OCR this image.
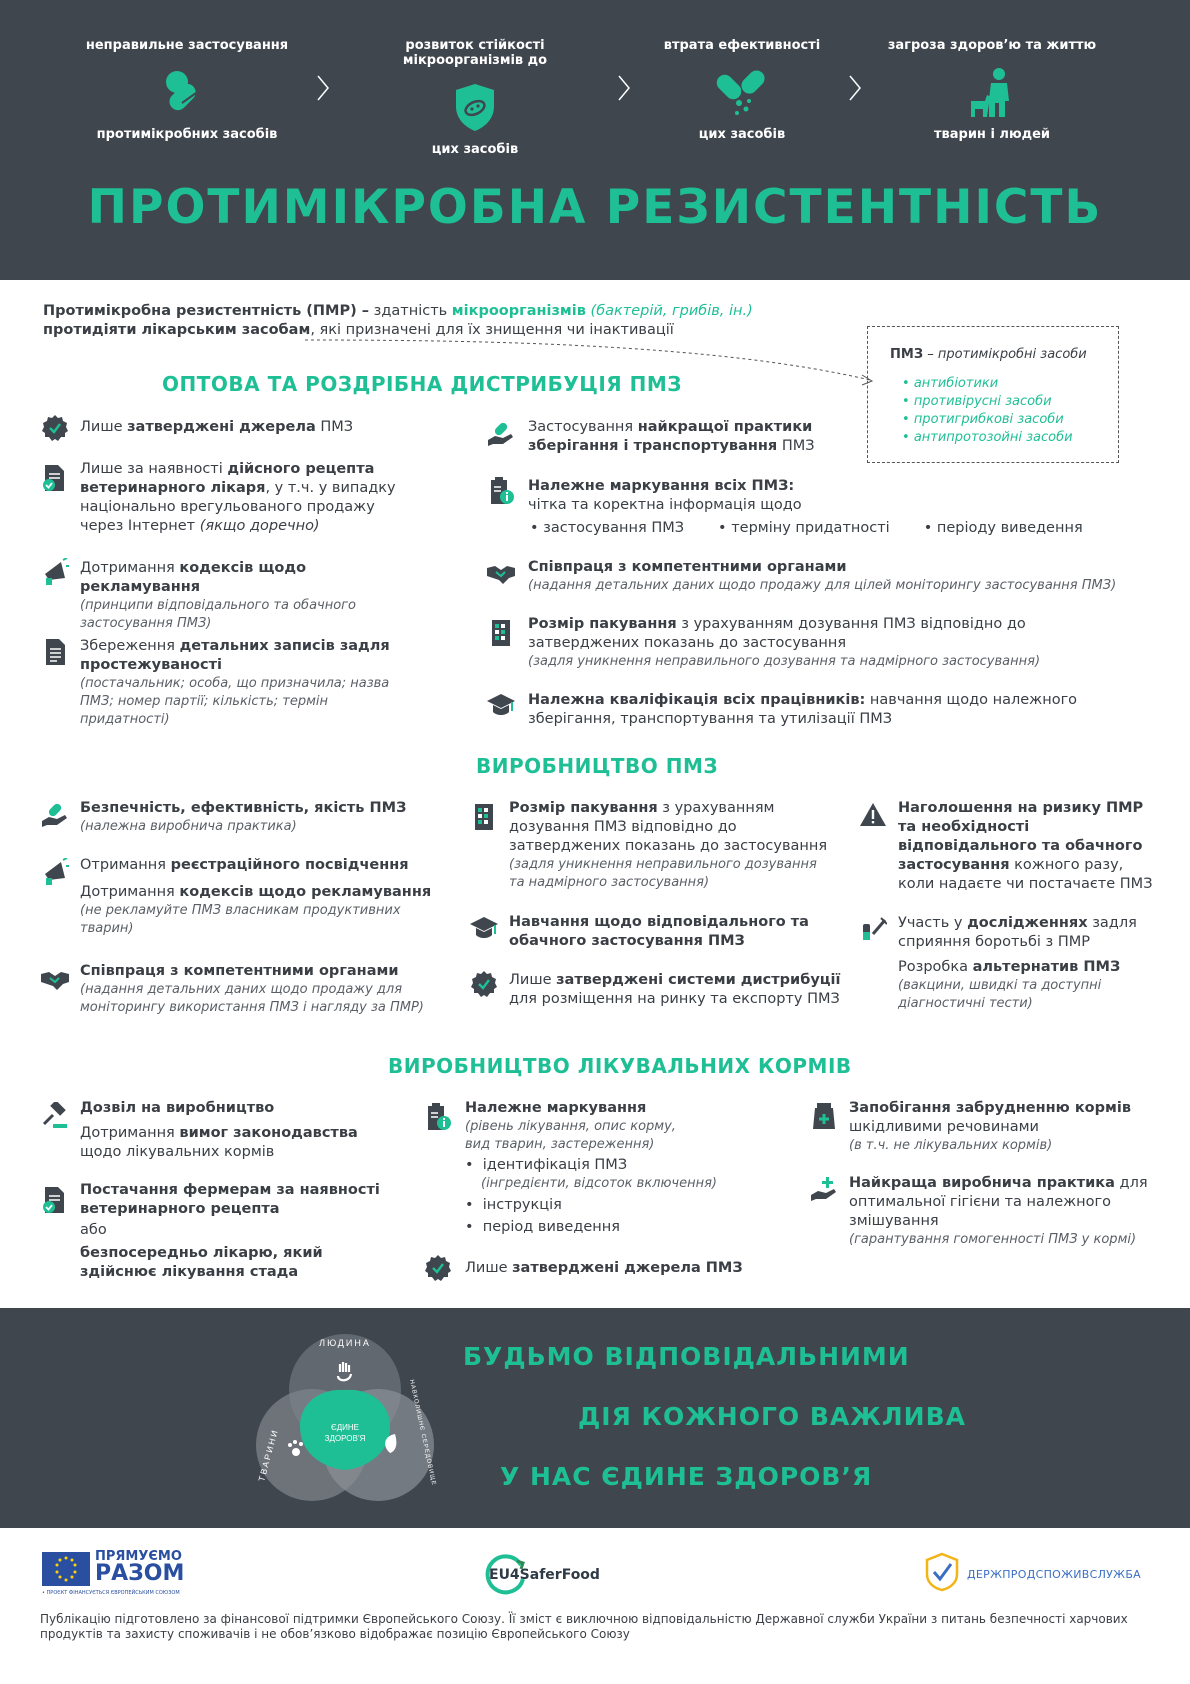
неправильне застосування
протимікробних засобів
розвиток стійкості мікроорганізмів до
цих засобів
втрата ефективності
цих засобів
загроза здоров’ю та життю
тварин і людей
ПРОТИМІКРОБНА РЕЗИСТЕНТНІСТЬ
Протимікробна резистентність (ПМР) – здатність мікроорганізмів (бактерій, грибів, ін.)
протидіяти лікарським засобам, які призначені для їх знищення чи інактивації
ПМЗ – протимікробні засоби
• антибіотики
• противірусні засоби
• протигрибкові засоби
• антипротозойні засоби
ОПТОВА ТА РОЗДРІБНА ДИСТРИБУЦІЯ ПМЗ
Лише затверджені джерела ПМЗ
Лише за наявності дійсного рецепта ветеринарного лікаря, у т.ч. у випадку національно врегульованого продажу через Інтернет (якщо доречно)
Дотримання кодексів щодо рекламування
(принципи відповідального та обачного застосування ПМЗ)
Збереження детальних записів задля простежуваності
(постачальник; особа, що призначила; назва ПМЗ; номер партії; кількість; термін придатності)
Застосування найкращої практики зберігання і транспортування ПМЗ
Належне маркування всіх ПМЗ:
чітка та коректна інформація щодо
• застосування ПМЗ • терміну придатності • періоду виведення
Співпраця з компетентними органами
(надання детальних даних щодо продажу для цілей моніторингу застосування ПМЗ)
Розмір пакування з урахуванням дозування ПМЗ відповідно до затверджених показань до застосування
(задля уникнення неправильного дозування та надмірного застосування)
Належна кваліфікація всіх працівників: навчання щодо належного зберігання, транспортування та утилізації ПМЗ
ВИРОБНИЦТВО ПМЗ
Безпечність, ефективність, якість ПМЗ
(належна виробнича практика)
Отримання реєстраційного посвідчення
Дотримання кодексів щодо рекламування
(не рекламуйте ПМЗ власникам продуктивних тварин)
Співпраця з компетентними органами
(надання детальних даних щодо продажу для моніторингу використання ПМЗ і нагляду за ПМР)
Розмір пакування з урахуванням дозування ПМЗ відповідно до затверджених показань до застосування
(задля уникнення неправильного дозування та надмірного застосування)
Навчання щодо відповідального та обачного застосування ПМЗ
Лише затверджені системи дистрибуції для розміщення на ринку та експорту ПМЗ
Наголошення на ризику ПМР та необхідності відповідального та обачного застосування кожного разу, коли надаєте чи постачаєте ПМЗ
Участь у дослідженнях задля сприяння боротьбі з ПМР
Розробка альтернатив ПМЗ
(вакцини, швидкі та доступні діагностичні тести)
ВИРОБНИЦТВО ЛІКУВАЛЬНИХ КОРМІВ
Дозвіл на виробництво
Дотримання вимог законодавства щодо лікувальних кормів
Постачання фермерам за наявності ветеринарного рецепта
або
безпосередньо лікарю, який здійснює лікування стада
Належне маркування
(рівень лікування, опис корму, вид тварин, застереження)
•  ідентифікація ПМЗ
(інгредієнти, відсоток включення)
•  інструкція
•  період виведення
Лише затверджені джерела ПМЗ
Запобігання забрудненню кормів шкідливими речовинами
(в т.ч. не лікувальних кормів)
Найкраща виробнича практика для оптимальної гігієни та належного змішування
(гарантування гомогенності ПМЗ у кормі)
ЄДИНЕ
ЗДОРОВ’Я
ЛЮДИНА
ТВАРИНИ	НАВКОЛИШНЄ СЕРЕДОВИЩЕ
БУДЬМО ВІДПОВІДАЛЬНИМИ
ДІЯ КОЖНОГО ВАЖЛИВА
У НАС ЄДИНЕ ЗДОРОВ’Я
ПРЯМУЄМО
РАЗОМ
• ПРОЄКТ ФІНАНСУЄТЬСЯ ЄВРОПЕЙСЬКИМ СОЮЗОМ
EU4SaferFood	ДЕРЖПРОДСПОЖИВСЛУЖБА
Публікацію підготовлено за фінансової підтримки Європейського Союзу. Її зміст є виключною відповідальністю Державної служби України з питань безпечності харчових продуктів та захисту споживачів і не обов’язково відображає позицію Європейського Союзу
